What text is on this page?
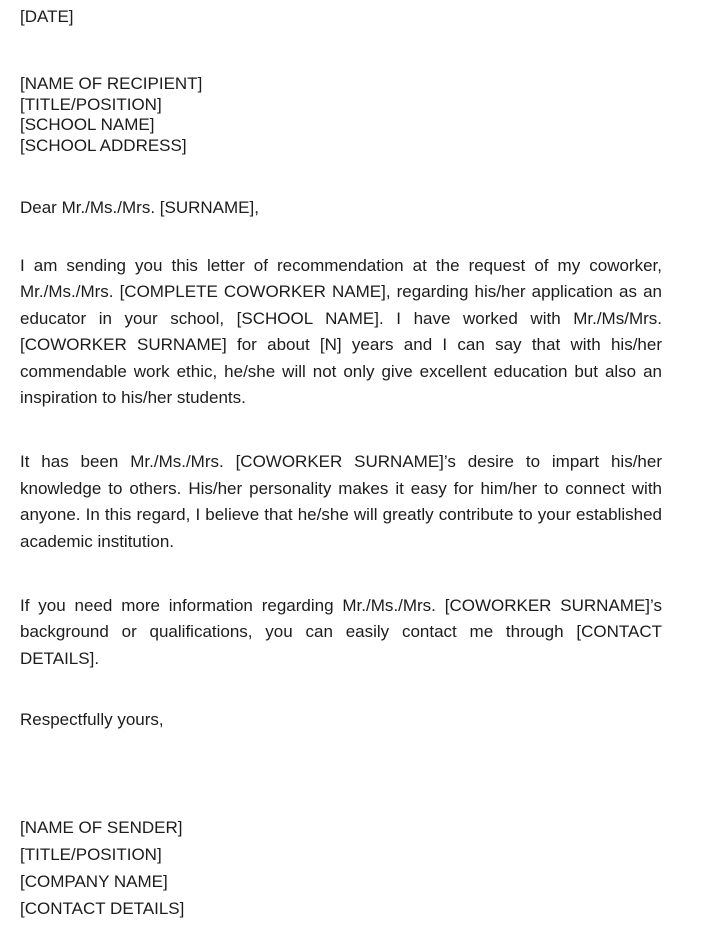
[DATE]

[NAME OF RECIPIENT]

[TITLE/POSITION]

[SCHOOL NAME]

[SCHOOL ADDRESS]

Dear Mr./Ms./Mrs. [SURNAME],

I am sending you this letter of recommendation at the request of my coworker, Mr./Ms./Mrs. [COMPLETE COWORKER NAME], regarding his/her application as an educator in your school, [SCHOOL NAME]. I have worked with Mr./Ms/Mrs. [COWORKER SURNAME] for about [N] years and I can say that with his/her commendable work ethic, he/she will not only give excellent education but also an inspiration to his/her students.

It has been Mr./Ms./Mrs. [COWORKER SURNAME]’s desire to impart his/her knowledge to others. His/her personality makes it easy for him/her to connect with anyone. In this regard, I believe that he/she will greatly contribute to your established academic institution.

If you need more information regarding Mr./Ms./Mrs. [COWORKER SURNAME]’s background or qualifications, you can easily contact me through [CONTACT DETAILS].

Respectfully yours,

[NAME OF SENDER]

[TITLE/POSITION]

[COMPANY NAME]

[CONTACT DETAILS]
